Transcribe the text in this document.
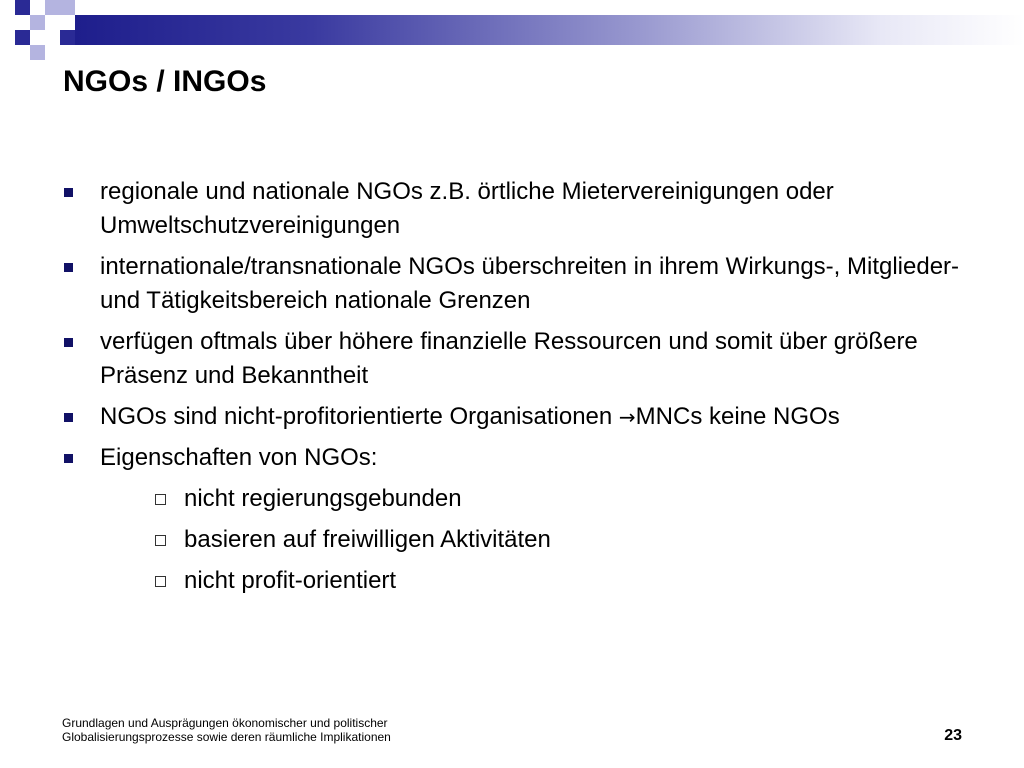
NGOs / INGOs
regionale und nationale NGOs z.B. örtliche Mietervereinigungen oder Umweltschutzvereinigungen
internationale/transnationale NGOs überschreiten in ihrem Wirkungs-, Mitglieder- und Tätigkeitsbereich nationale Grenzen
verfügen oftmals über höhere finanzielle Ressourcen und somit über größere Präsenz und Bekanntheit
NGOs sind nicht-profitorientierte Organisationen →MNCs keine NGOs
Eigenschaften von NGOs:
nicht regierungsgebunden
basieren auf freiwilligen Aktivitäten
nicht profit-orientiert
Grundlagen und Ausprägungen ökonomischer und politischer
Globalisierungsprozesse sowie deren räumliche Implikationen	23
